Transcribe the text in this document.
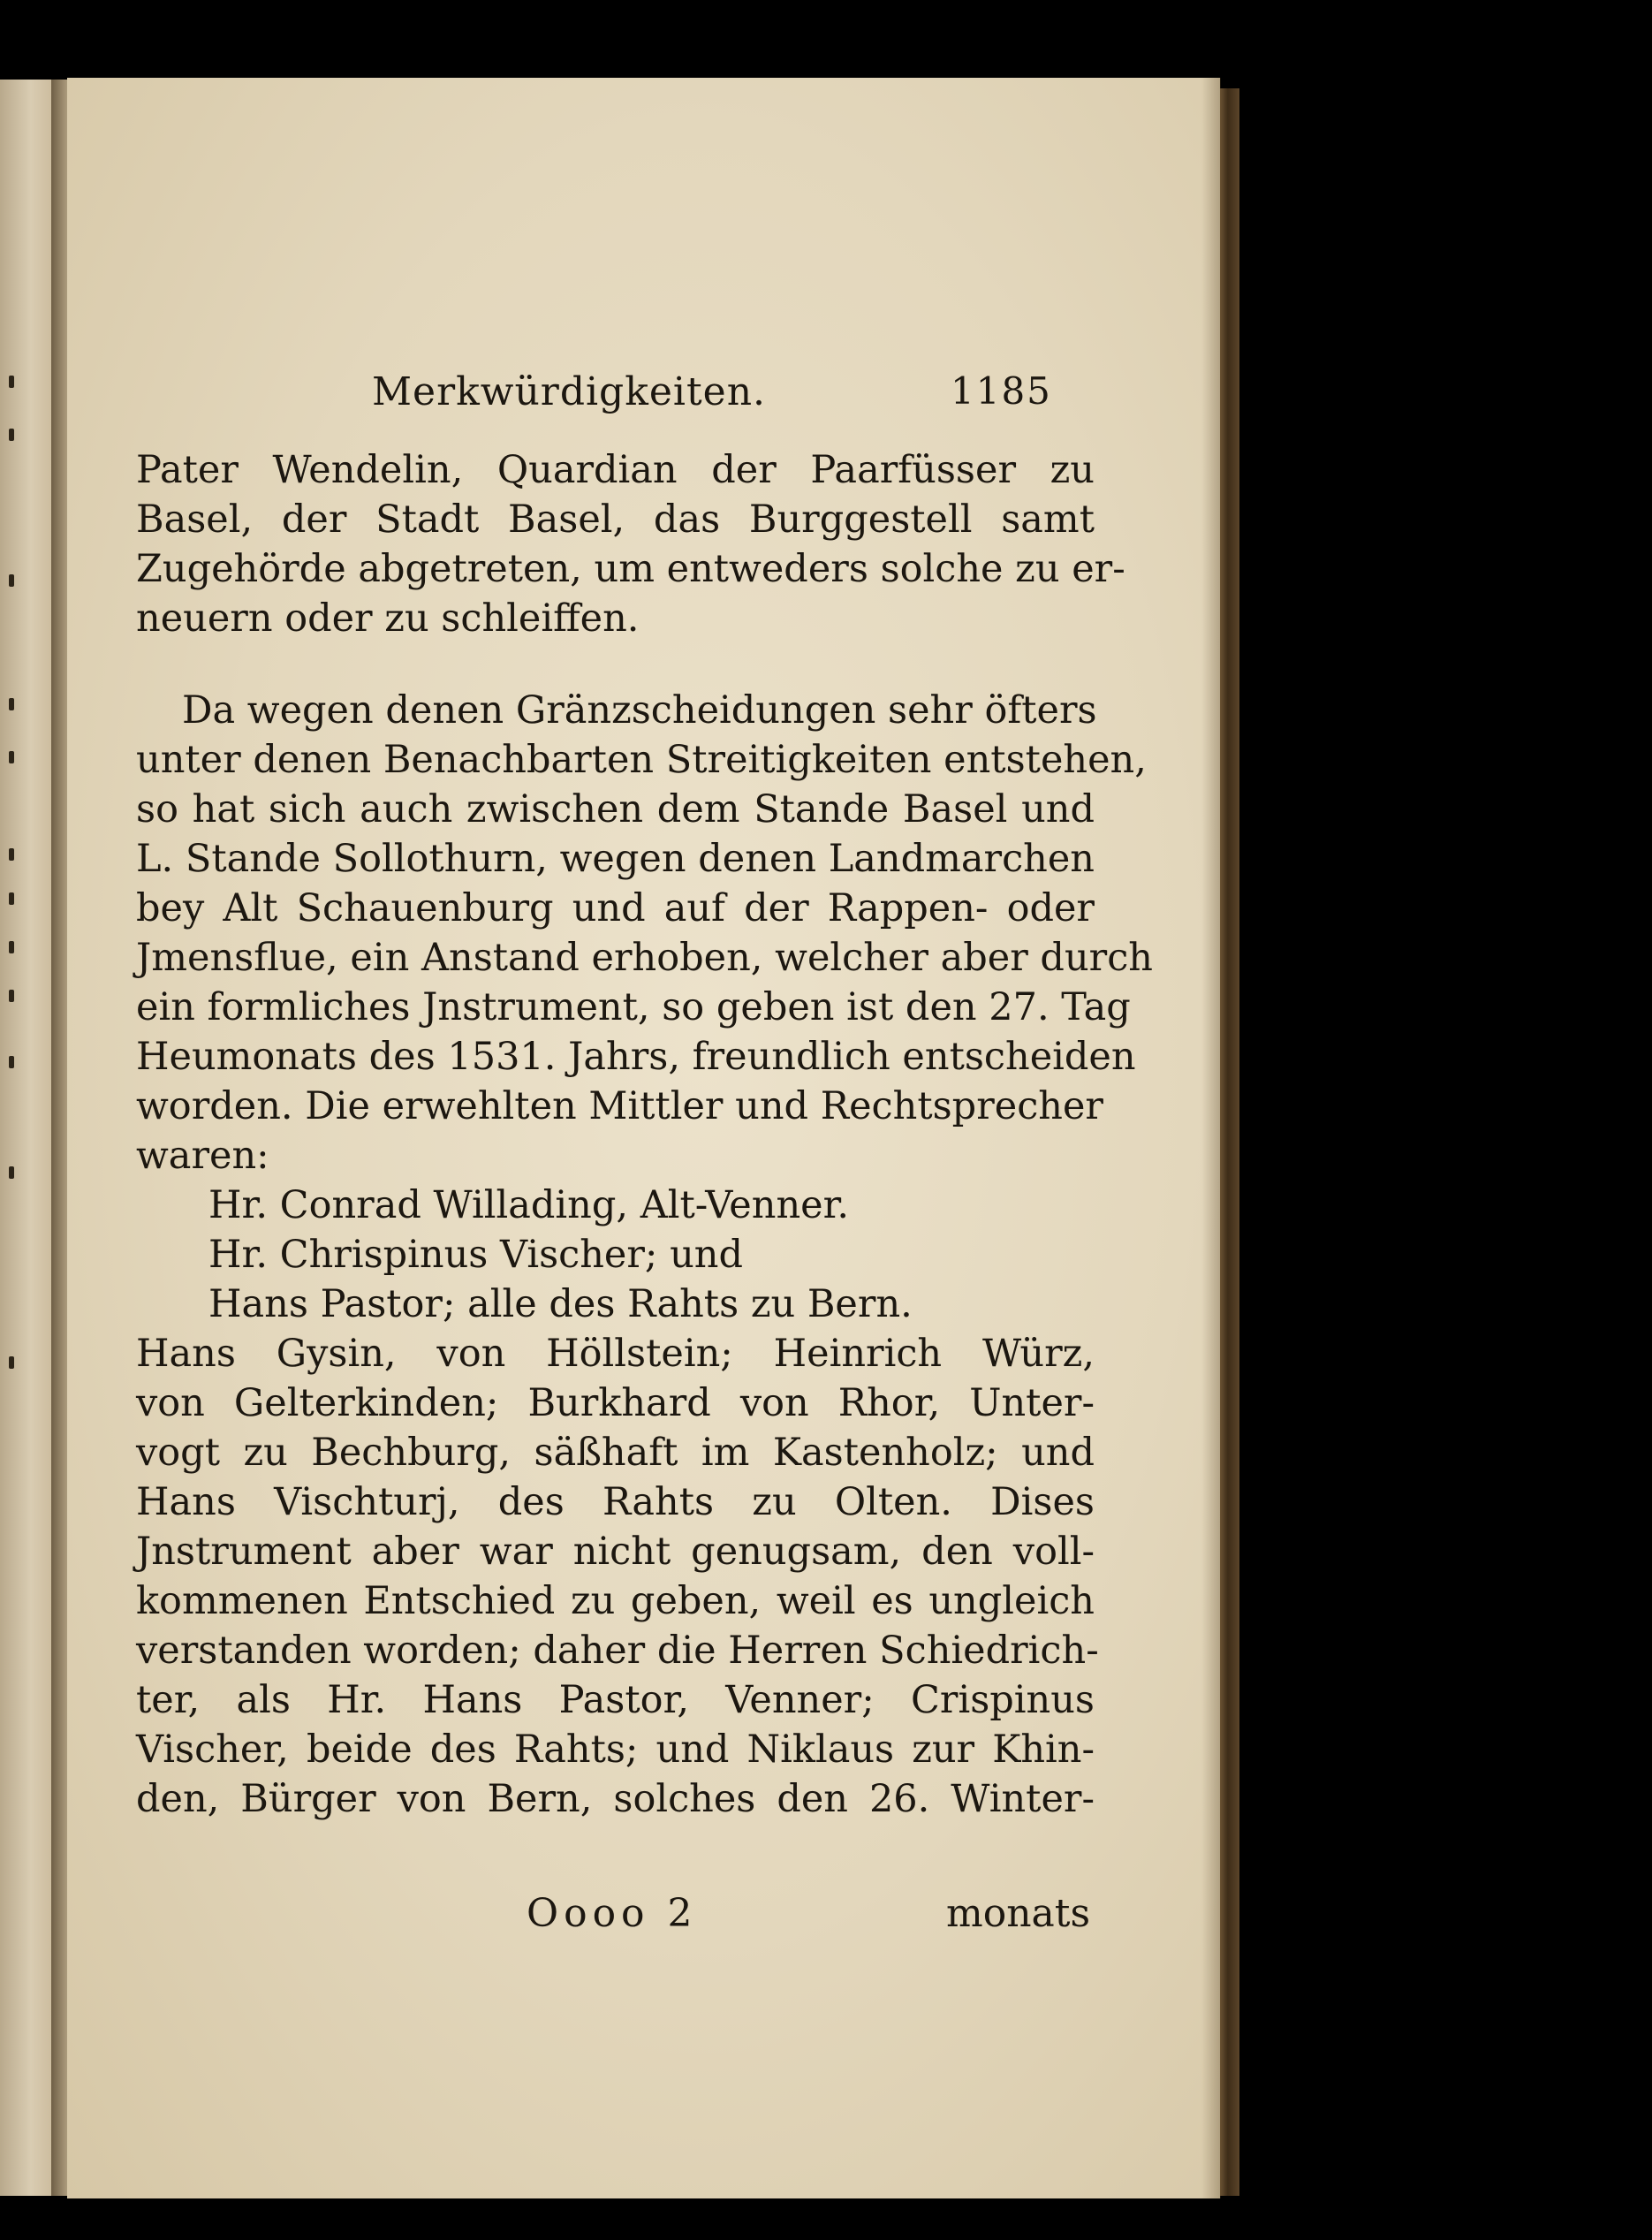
Merkwürdigkeiten.	1185
Pater Wendelin, Quardian der Paarfüsser zu
Basel, der Stadt Basel, das Burggestell samt
Zugehörde abgetreten, um entweders solche zu er-
neuern oder zu schleiffen.
Da wegen denen Gränzscheidungen sehr öfters
unter denen Benachbarten Streitigkeiten entstehen,
so hat sich auch zwischen dem Stande Basel und
L. Stande Sollothurn, wegen denen Landmarchen
bey Alt Schauenburg und auf der Rappen- oder
Jmensflue, ein Anstand erhoben, welcher aber durch
ein formliches Jnstrument, so geben ist den 27. Tag
Heumonats des 1531. Jahrs, freundlich entscheiden
worden. Die erwehlten Mittler und Rechtsprecher
waren:
Hr. Conrad Willading, Alt-Venner.
Hr. Chrispinus Vischer; und
Hans Pastor; alle des Rahts zu Bern.
Hans Gysin, von Höllstein; Heinrich Würz,
von Gelterkinden; Burkhard von Rhor, Unter-
vogt zu Bechburg, säßhaft im Kastenholz; und
Hans Vischturj, des Rahts zu Olten. Dises
Jnstrument aber war nicht genugsam, den voll-
kommenen Entschied zu geben, weil es ungleich
verstanden worden; daher die Herren Schiedrich-
ter, als Hr. Hans Pastor, Venner; Crispinus
Vischer, beide des Rahts; und Niklaus zur Khin-
den, Bürger von Bern, solches den 26. Winter-
Oooo 2	monats
